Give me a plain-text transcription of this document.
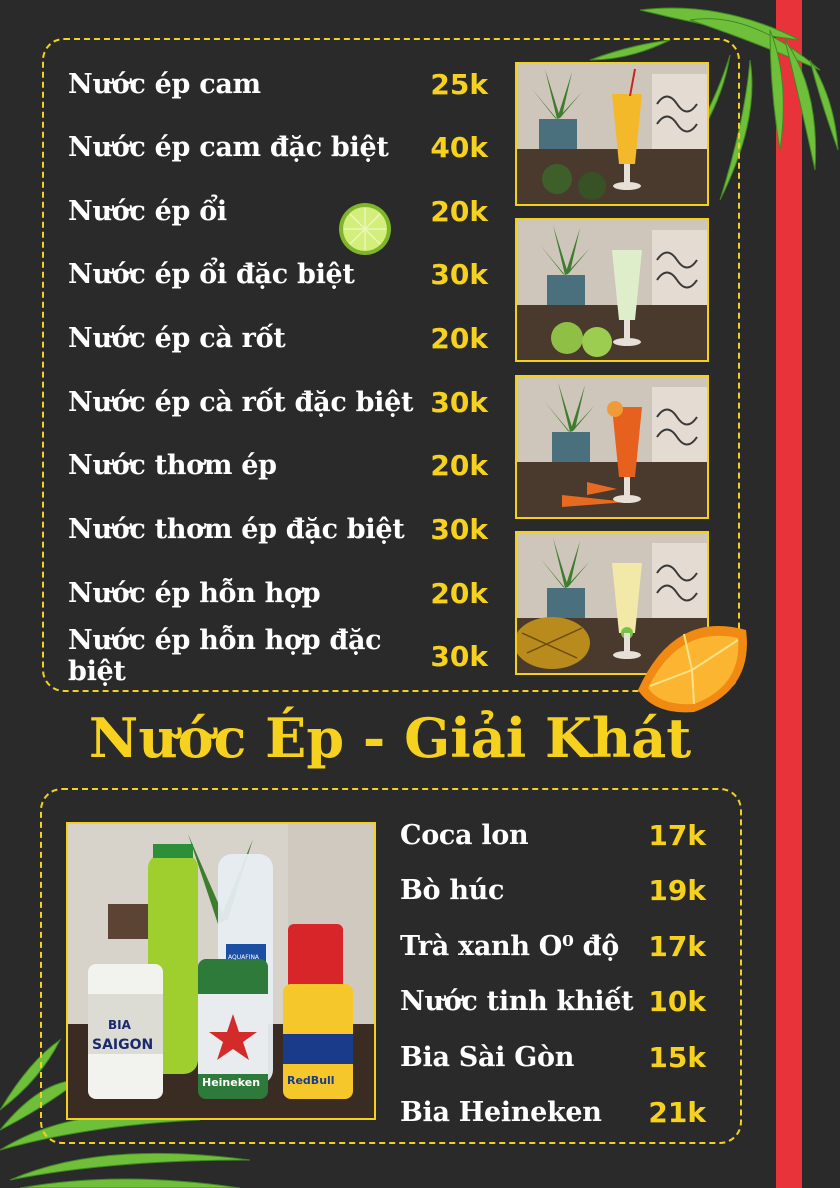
Nước ép cam	25k
Nước ép cam đặc biệt 40k
Nước ép ổi	20k
Nước ép ổi đặc biệt	30k
Nước ép cà rốt	20k
Nước ép cà rốt đặc biệt 30k
Nước thơm ép	20k
Nước thơm ép đặc biệt 30k
Nước ép hỗn hợp	20k
Nước ép hỗn hợp đặc biệt	30k
Nước Ép - Giải Khát
BIA
SAIGON
Heineken RedBull
AQUAFINA
Coca lon	17k
Bò húc	19k
Trà xanh O⁰ độ 17k
Nước tinh khiết 10k
Bia Sài Gòn	15k
Bia Heineken 21k
